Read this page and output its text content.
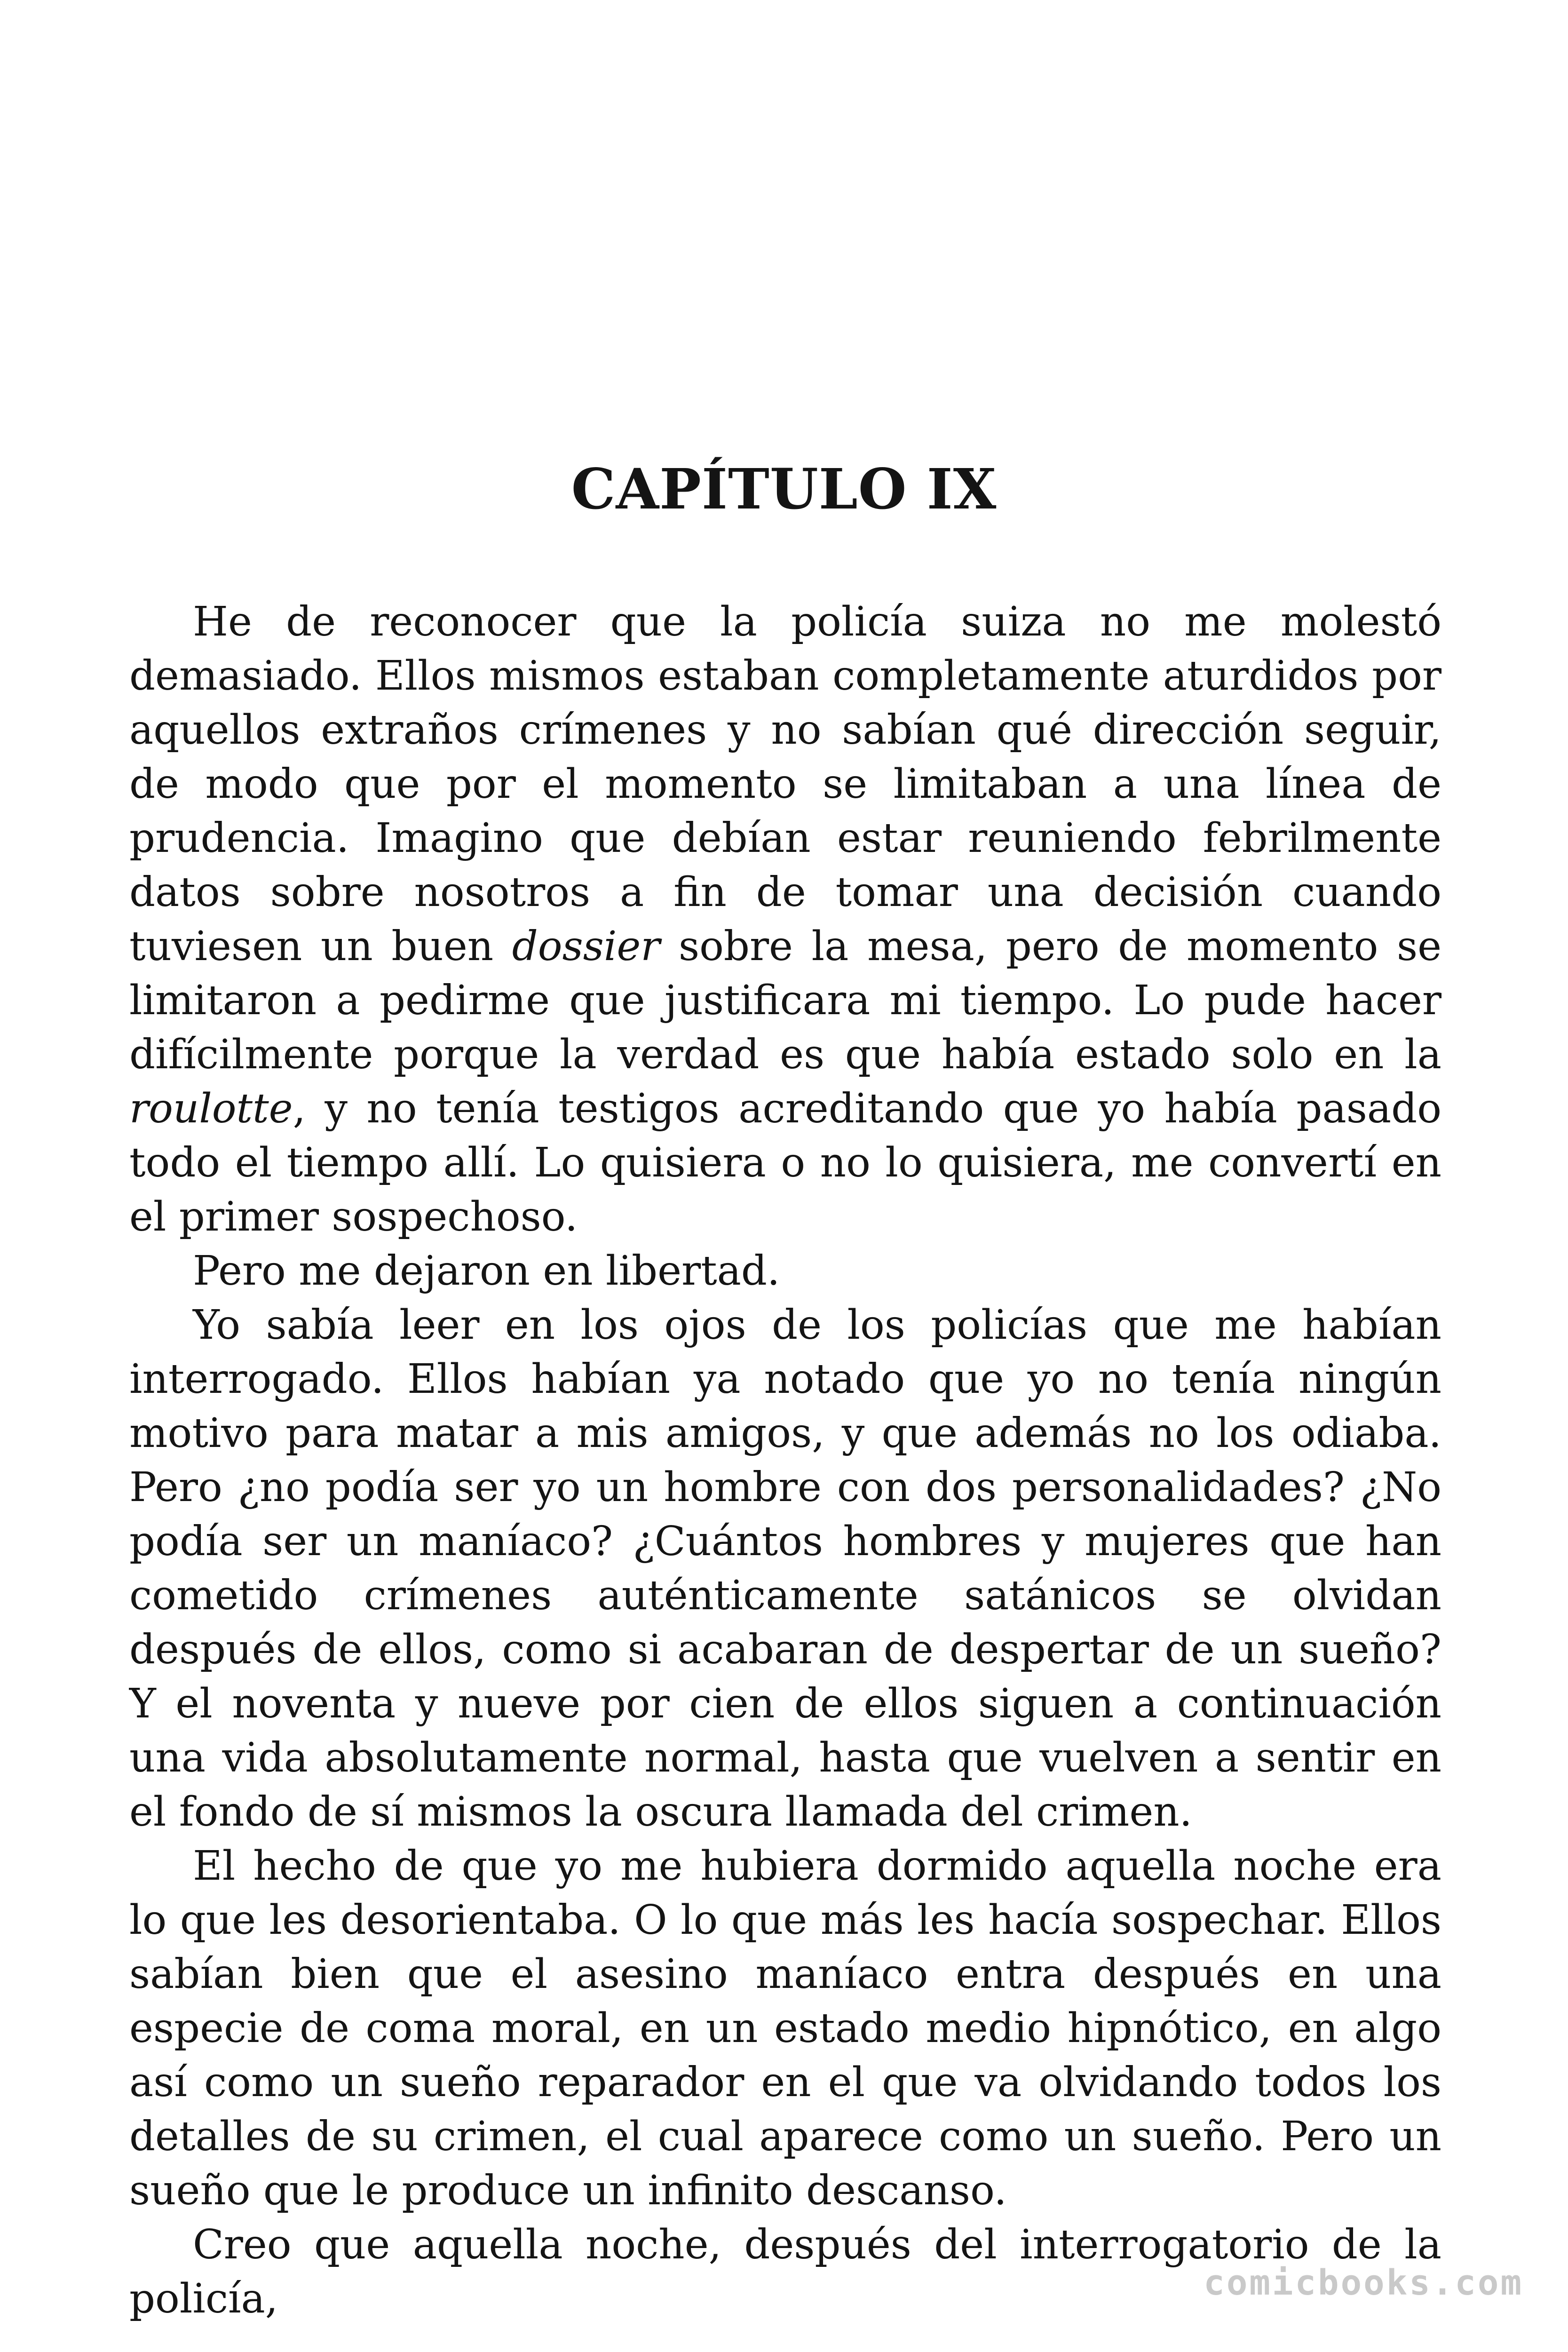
CAPÍTULO IX

He de reconocer que la policía suiza no me molestó demasiado. Ellos mismos estaban completamente aturdidos por aquellos extraños crímenes y no sabían qué dirección seguir, de modo que por el momento se limitaban a una línea de prudencia. Imagino que debían estar reuniendo febrilmente datos sobre nosotros a fin de tomar una decisión cuando tuviesen un buen dossier sobre la mesa, pero de momento se limitaron a pedirme que justificara mi tiempo. Lo pude hacer difícilmente porque la verdad es que había estado solo en la roulotte, y no tenía testigos acreditando que yo había pasado todo el tiempo allí. Lo quisiera o no lo quisiera, me convertí en el primer sospechoso.

Pero me dejaron en libertad.

Yo sabía leer en los ojos de los policías que me habían interrogado. Ellos habían ya notado que yo no tenía ningún motivo para matar a mis amigos, y que además no los odiaba. Pero ¿no podía ser yo un hombre con dos personalidades? ¿No podía ser un maníaco? ¿Cuántos hombres y mujeres que han cometido crímenes auténticamente satánicos se olvidan después de ellos, como si acabaran de despertar de un sueño? Y el noventa y nueve por cien de ellos siguen a continuación una vida absolutamente normal, hasta que vuelven a sentir en el fondo de sí mismos la oscura llamada del crimen.

El hecho de que yo me hubiera dormido aquella noche era lo que les desorientaba. O lo que más les hacía sospechar. Ellos sabían bien que el asesino maníaco entra después en una especie de coma moral, en un estado medio hipnótico, en algo así como un sueño reparador en el que va olvidando todos los detalles de su crimen, el cual aparece como un sueño. Pero un sueño que le produce un infinito descanso.

Creo que aquella noche, después del interrogatorio de la policía,	comicbooks.com
